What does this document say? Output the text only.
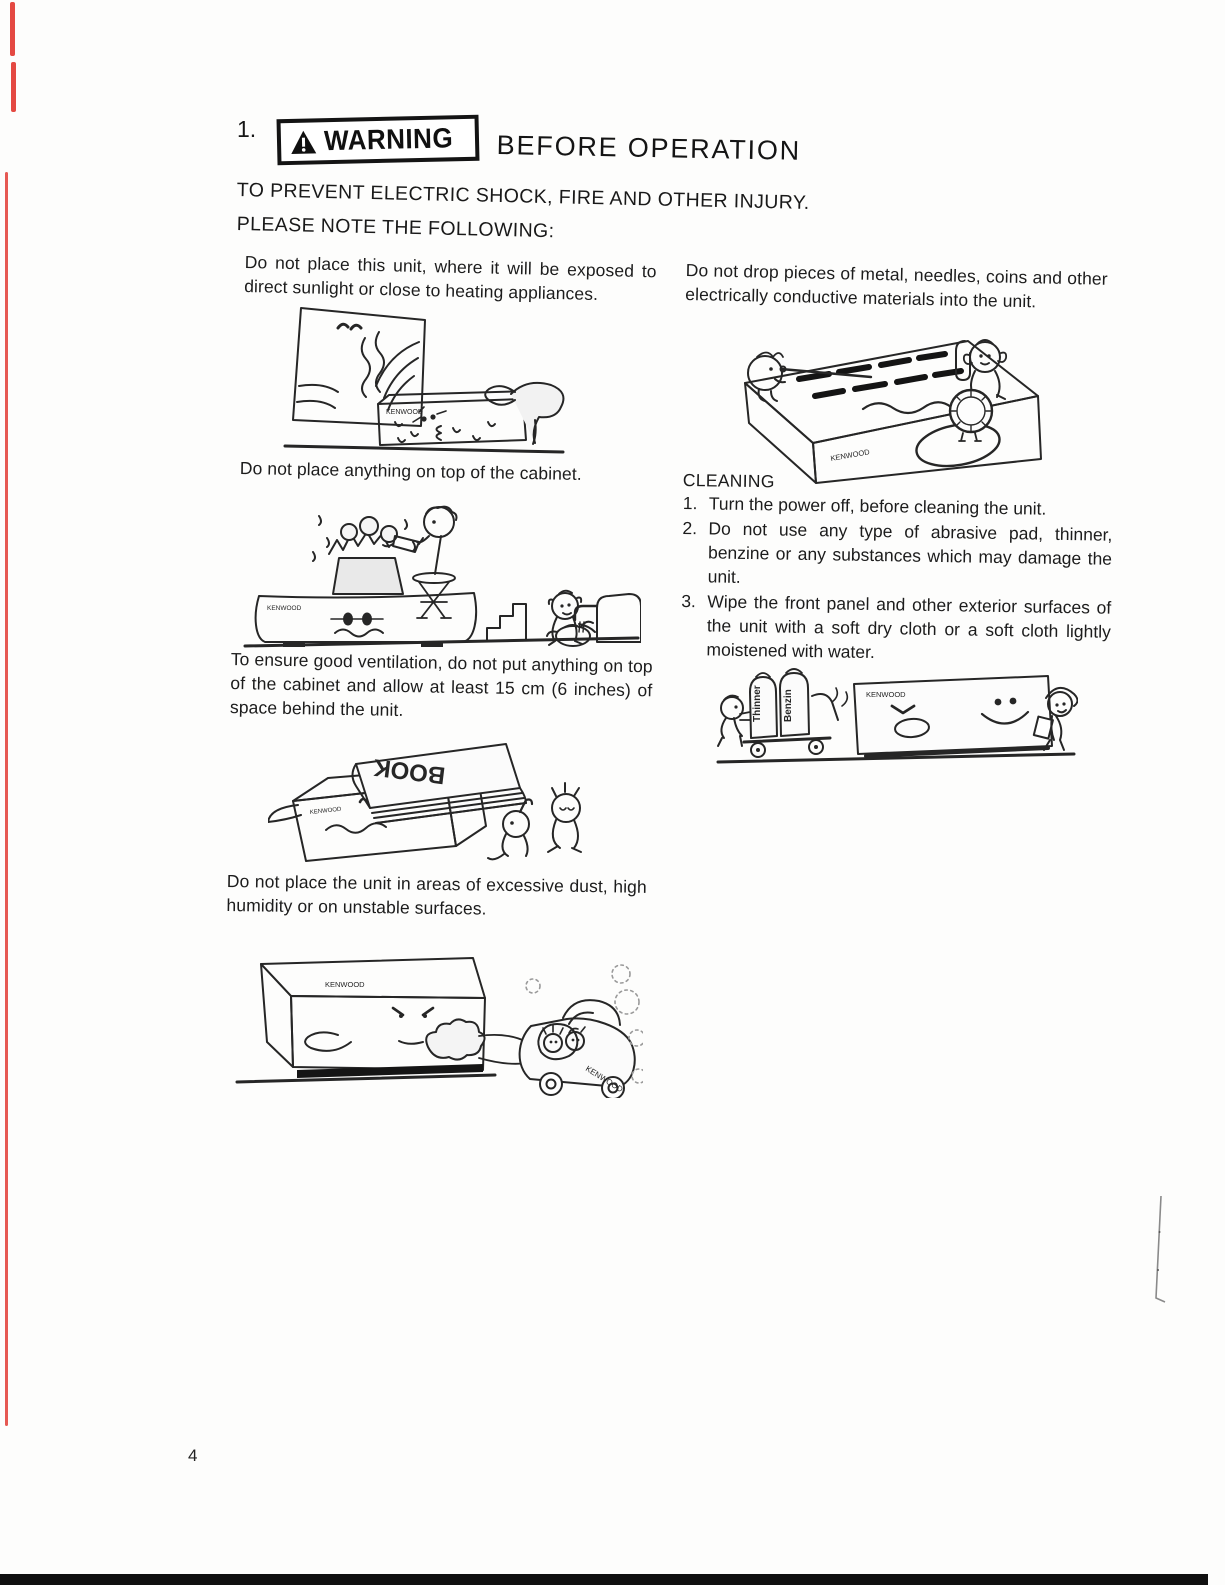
1. WARNING BEFORE OPERATION
TO PREVENT ELECTRIC SHOCK, FIRE AND OTHER INJURY.
PLEASE NOTE THE FOLLOWING:
Do not place this unit, where it will be exposed to direct sunlight or close to heating appliances.
KENWOOD
Do not place anything on top of the cabinet.
KENWOOD
To ensure good ventilation, do not put anything on top of the cabinet and allow at least 15 cm (6 inches) of space behind the unit.
KENWOOD
BOOK
Do not place the unit in areas of excessive dust, high humidity or on unstable surfaces.
KENWOOD
KENWOOD
Do not drop pieces of metal, needles, coins and other electrically conductive materials into the unit.
KENWOOD
CLEANING
1. Turn the power off, before cleaning the unit.
2. Do not use any type of abrasive pad, thinner, benzine or any substances which may damage the unit.
3. Wipe the front panel and other exterior surfaces of the unit with a soft dry cloth or a soft cloth lightly moistened with water.
Thinner Benzin	KENWOOD
4
